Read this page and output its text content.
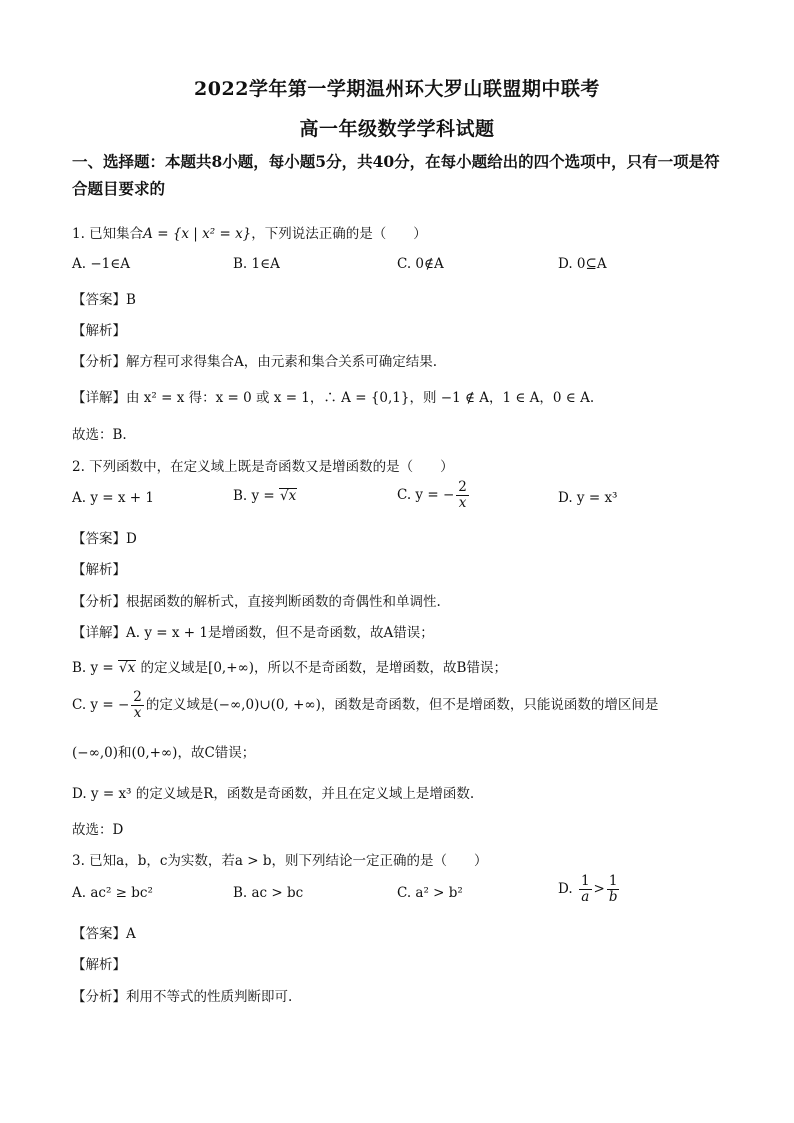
2022学年第一学期温州环大罗山联盟期中联考
高一年级数学学科试题
一、选择题：本题共8小题，每小题5分，共40分，在每小题给出的四个选项中，只有一项是符合题目要求的
1. 已知集合A = {x | x² = x}，下列说法正确的是（　　）
A. −1∈A	B. 1∈A	C. 0∉A	D. 0⊆A
【答案】B
【解析】
【分析】解方程可求得集合A，由元素和集合关系可确定结果.
【详解】由 x² = x 得：x = 0 或 x = 1，∴ A = {0,1}，则 −1 ∉ A，1 ∈ A，0 ∈ A.
故选：B.
2. 下列函数中，在定义域上既是奇函数又是增函数的是（　　）
A. y = x + 1	B. y = √x	C. y = − $\frac{2}{x}$	D. y = x³
【答案】D
【解析】
【分析】根据函数的解析式，直接判断函数的奇偶性和单调性.
【详解】A. y = x + 1是增函数，但不是奇函数，故A错误；
B. y = √x 的定义域是[0,+∞)，所以不是奇函数，是增函数，故B错误；
C. y = − $\frac{2}{x}$ 的定义域是(−∞,0)∪(0, +∞)，函数是奇函数，但不是增函数，只能说函数的增区间是
(−∞,0)和(0,+∞)，故C错误；
D. y = x³ 的定义域是R，函数是奇函数，并且在定义域上是增函数.
故选：D
3. 已知a，b，c为实数，若a > b，则下列结论一定正确的是（　　）
A. ac² ≥ bc²	B. ac > bc	C. a² > b²	D. $\frac{1}{a} > \frac{1}{b}$
【答案】A
【解析】
【分析】利用不等式的性质判断即可.
